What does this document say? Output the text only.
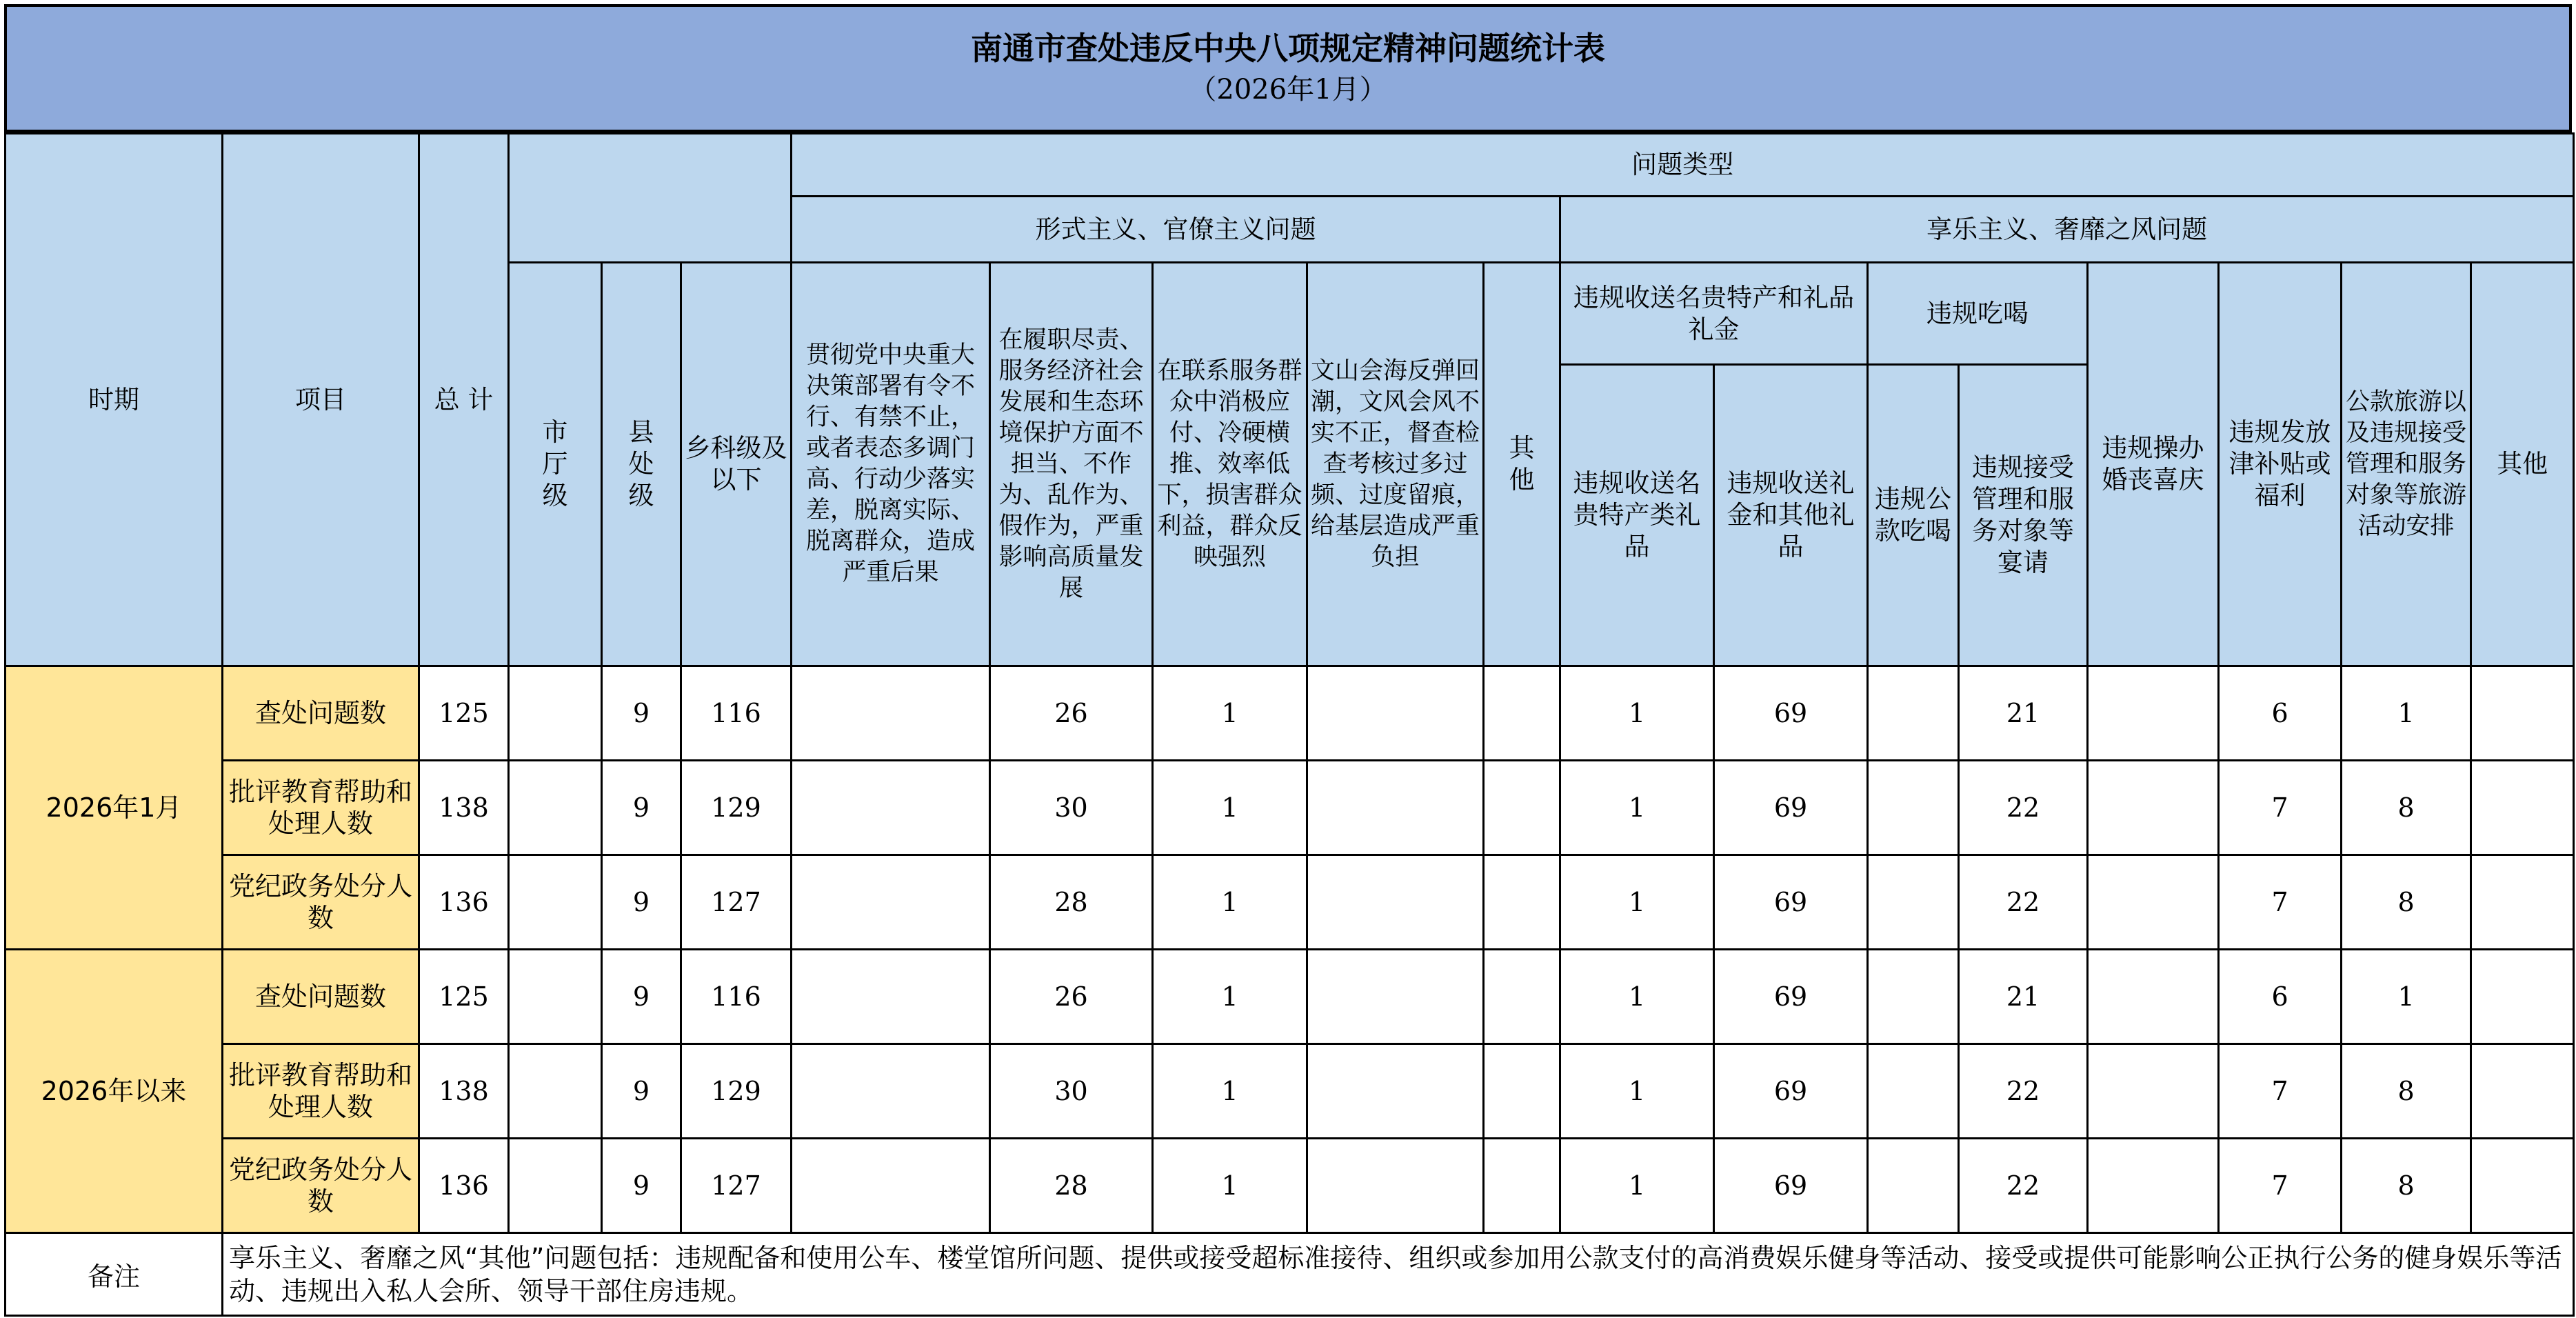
南通市查处违反中央八项规定精神问题统计表
（2026年1月）
时期	项目	总 计				问题类型												
						形式主义、官僚主义问题					享乐主义、奢靡之风问题							
			市厅级	县处级	乡科级及以下	贯彻党中央重大决策部署有令不行、有禁不止，或者表态多调门高、行动少落实差，脱离实际、脱离群众，造成严重后果	在履职尽责、服务经济社会发展和生态环境保护方面不担当、不作为、乱作为、假作为，严重影响高质量发展	在联系服务群众中消极应付、冷硬横推、效率低下，损害群众利益，群众反映强烈	文山会海反弹回潮，文风会风不实不正，督查检查考核过多过频、过度留痕，给基层造成严重负担	其他	违规收送名贵特产和礼品礼金		违规吃喝		违规操办婚丧喜庆	违规发放津补贴或福利	公款旅游以及违规接受管理和服务对象等旅游活动安排	其他
											违规收送名贵特产类礼品	违规收送礼金和其他礼品	违规公款吃喝	违规接受管理和服务对象等宴请				
2026年1月	查处问题数	125		9	116		26	1			1	69		21		6	1	
	批评教育帮助和处理人数	138		9	129		30	1			1	69		22		7	8	
	党纪政务处分人数	136		9	127		28	1			1	69		22		7	8	
2026年以来	查处问题数	125		9	116		26	1			1	69		21		6	1	
	批评教育帮助和处理人数	138		9	129		30	1			1	69		22		7	8	
	党纪政务处分人数	136		9	127		28	1			1	69		22		7	8	
备注	享乐主义、奢靡之风“其他”问题包括：违规配备和使用公车、楼堂馆所问题、提供或接受超标准接待、组织或参加用公款支付的高消费娱乐健身等活动、接受或提供可能影响公正执行公务的健身娱乐等活动、违规出入私人会所、领导干部住房违规。																	
